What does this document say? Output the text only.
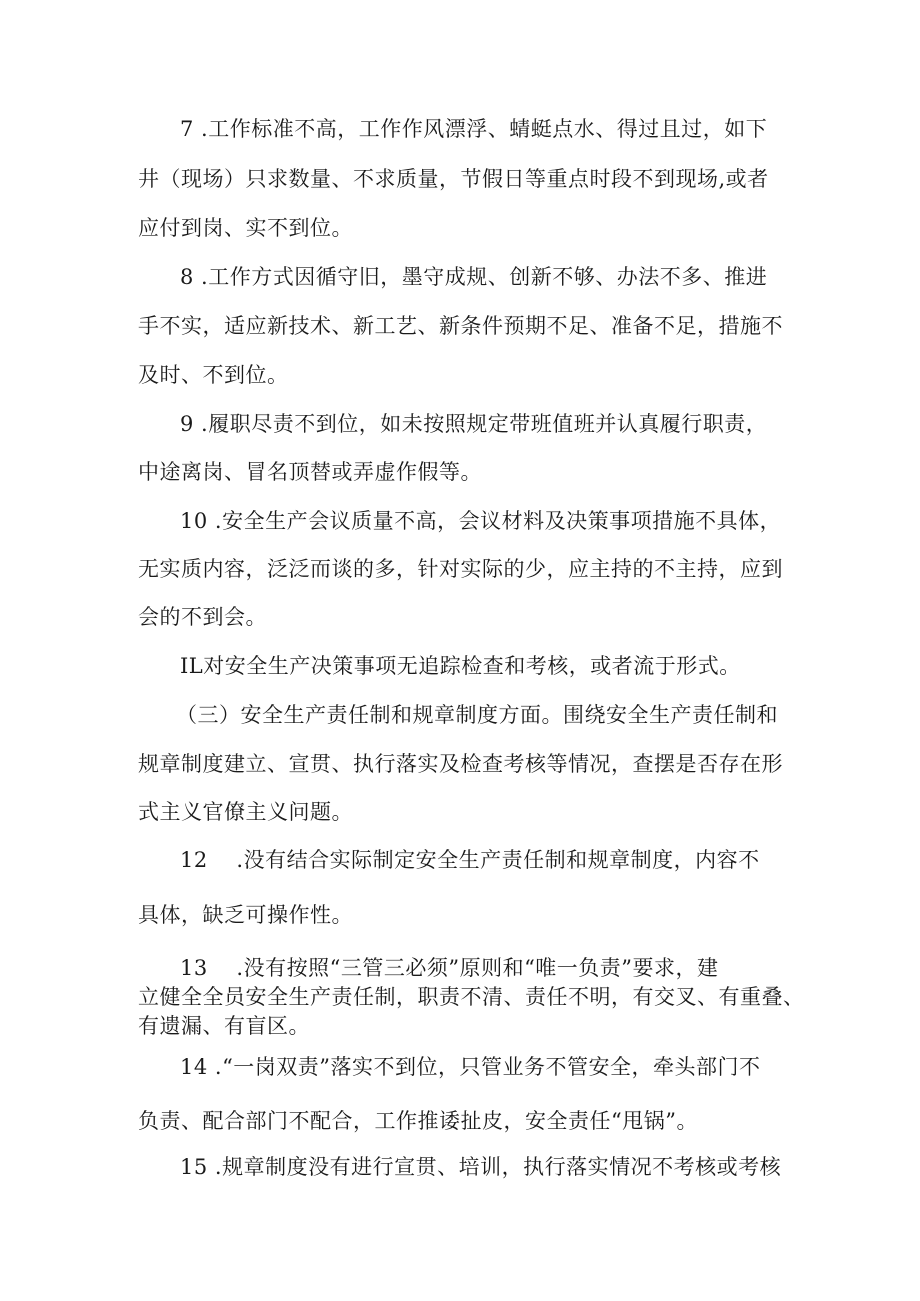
7 .工作标准不高，工作作风漂浮、蜻蜓点水、得过且过，如下
井（现场）只求数量、不求质量，节假日等重点时段不到现场,或者
应付到岗、实不到位。
8 .工作方式因循守旧，墨守成规、创新不够、办法不多、推进
手不实，适应新技术、新工艺、新条件预期不足、准备不足，措施不
及时、不到位。
9 .履职尽责不到位，如未按照规定带班值班并认真履行职责，
中途离岗、冒名顶替或弄虚作假等。
10 .安全生产会议质量不高，会议材料及决策事项措施不具体，
无实质内容，泛泛而谈的多，针对实际的少，应主持的不主持，应到
会的不到会。
IL对安全生产决策事项无追踪检查和考核，或者流于形式。
（三）安全生产责任制和规章制度方面。围绕安全生产责任制和
规章制度建立、宣贯、执行落实及检查考核等情况，查摆是否存在形
式主义官僚主义问题。
12    .没有结合实际制定安全生产责任制和规章制度，内容不
具体，缺乏可操作性。
13    .没有按照“三管三必须”原则和“唯一负责”要求，建
立健全全员安全生产责任制，职责不清、责任不明，有交叉、有重叠、
有遗漏、有盲区。
14 .“一岗双责”落实不到位，只管业务不管安全，牵头部门不
负责、配合部门不配合，工作推诿扯皮，安全责任“甩锅”。
15 .规章制度没有进行宣贯、培训，执行落实情况不考核或考核
